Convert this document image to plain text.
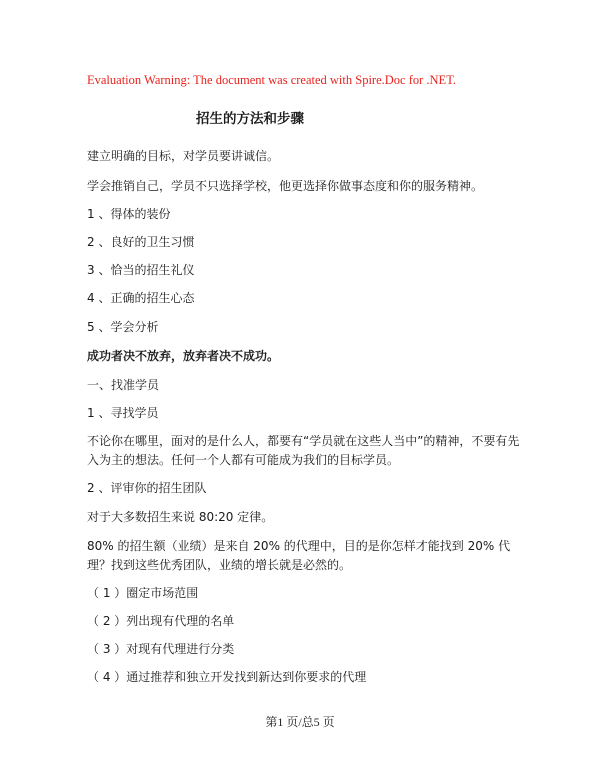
Evaluation Warning: The document was created with Spire.Doc for .NET.
招生的方法和步骤
建立明确的目标，对学员要讲诚信。
学会推销自己，学员不只选择学校，他更选择你做事态度和你的服务精神。
1 、得体的装份
2 、良好的卫生习惯
3 、恰当的招生礼仪
4 、正确的招生心态
5 、学会分析
成功者决不放弃，放弃者决不成功。
一、找准学员
1 、寻找学员
不论你在哪里，面对的是什么人，都要有“学员就在这些人当中”的精神，不要有先入为主的想法。任何一个人都有可能成为我们的目标学员。
2 、评审你的招生团队
对于大多数招生来说 80:20 定律。
80% 的招生额（业绩）是来自 20% 的代理中，目的是你怎样才能找到 20% 代理？找到这些优秀团队，业绩的增长就是必然的。
（ 1 ）圈定市场范围
（ 2 ）列出现有代理的名单
（ 3 ）对现有代理进行分类
（ 4 ）通过推荐和独立开发找到新达到你要求的代理
第1 页/总5 页
